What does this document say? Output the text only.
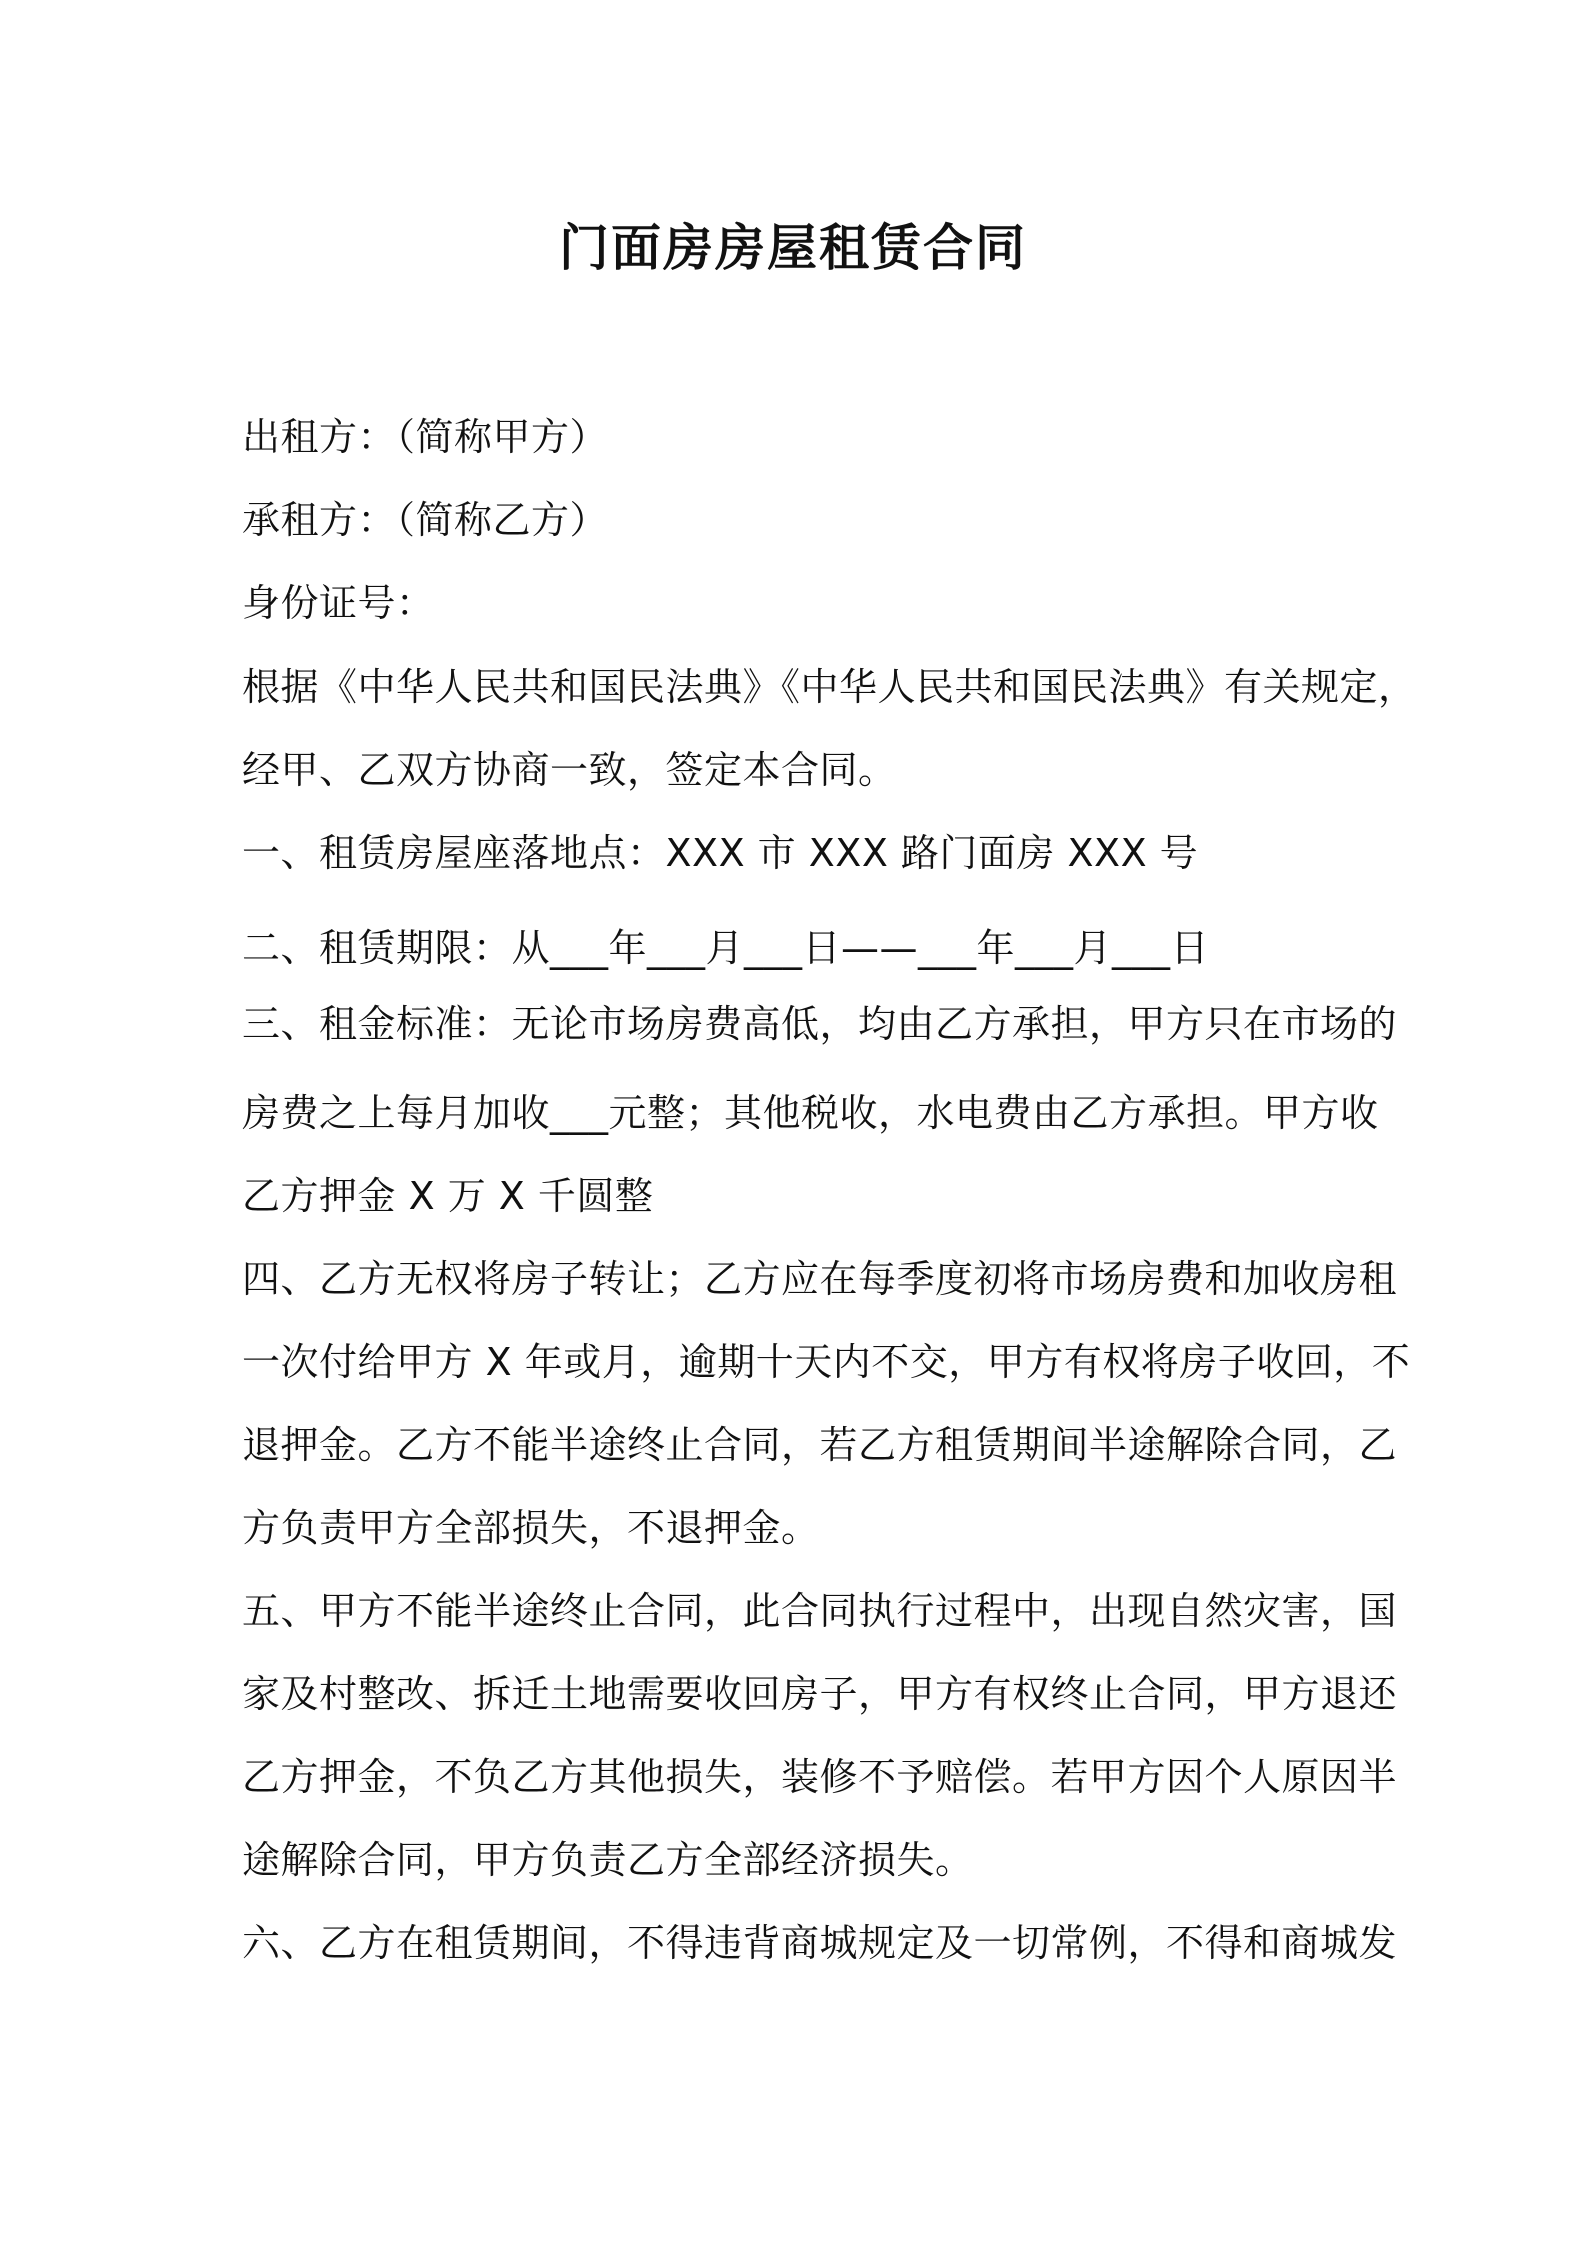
门面房房屋租赁合同
出租方：（简称甲方）
承租方：（简称乙方）
身份证号：
根据《中华人民共和国民法典》《中华人民共和国民法典》有关规定，
经甲、乙双方协商一致，签定本合同。
一、租赁房屋座落地点：XXX 市 XXX 路门面房 XXX 号
二、租赁期限：从___年___月___日——___年___月___日
三、租金标准：无论市场房费高低，均由乙方承担，甲方只在市场的
房费之上每月加收___元整；其他税收，水电费由乙方承担。甲方收
乙方押金 X 万 X 千圆整
四、乙方无权将房子转让；乙方应在每季度初将市场房费和加收房租
一次付给甲方 X 年或月，逾期十天内不交，甲方有权将房子收回，不
退押金。乙方不能半途终止合同，若乙方租赁期间半途解除合同，乙
方负责甲方全部损失，不退押金。
五、甲方不能半途终止合同，此合同执行过程中，出现自然灾害，国
家及村整改、拆迁土地需要收回房子，甲方有权终止合同，甲方退还
乙方押金，不负乙方其他损失，装修不予赔偿。若甲方因个人原因半
途解除合同，甲方负责乙方全部经济损失。
六、乙方在租赁期间，不得违背商城规定及一切常例，不得和商城发
